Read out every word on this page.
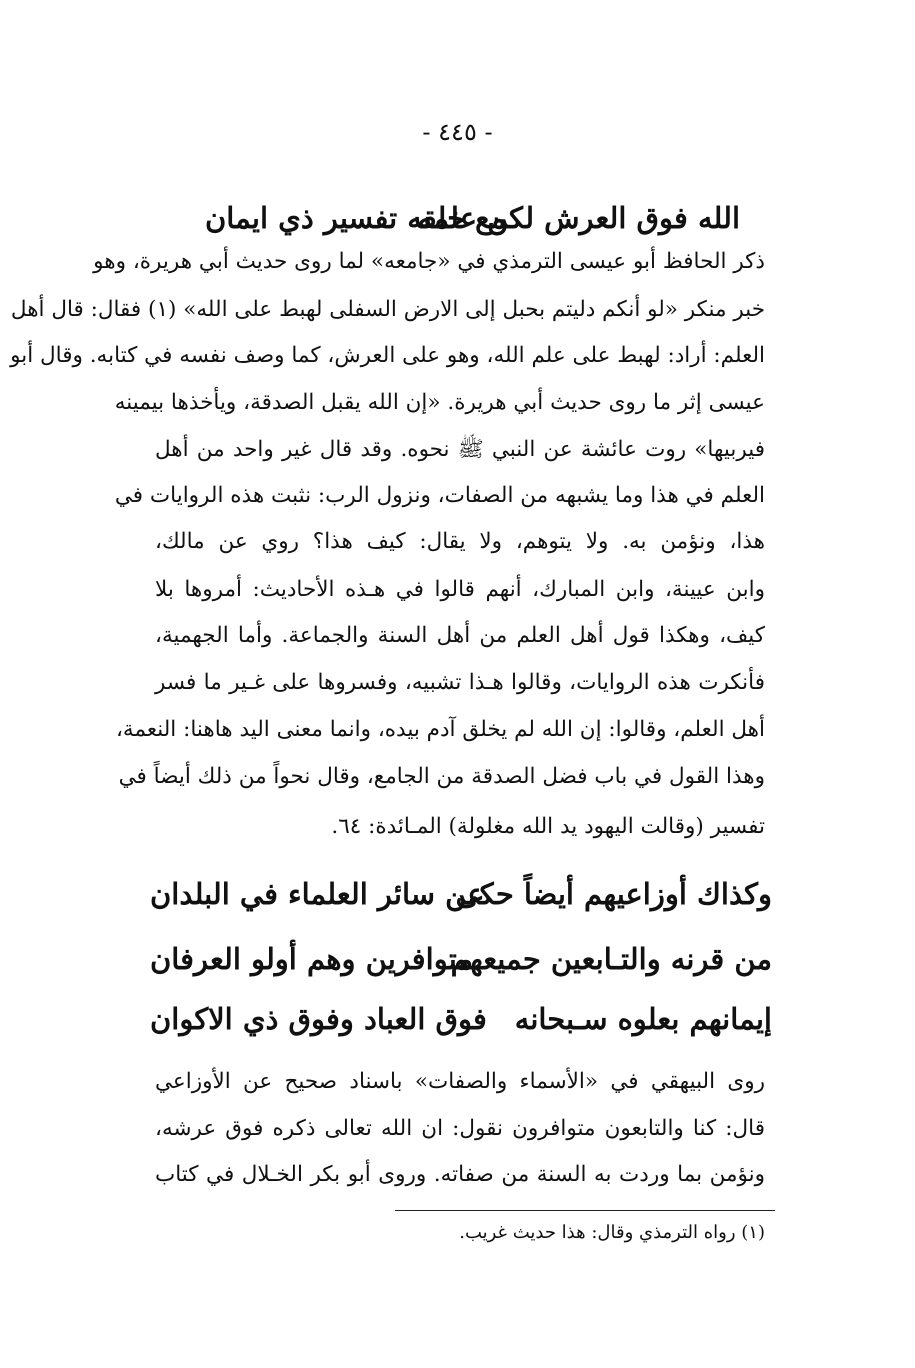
- ٤٤٥ -
الله فوق العرش لكن علمه
مع خلقه تفسير ذي ايمان
ذكر الحافظ أبو عيسى الترمذي في «جامعه» لما روى حديث أبي هريرة، وهو
خبر منكر «لو أنكم دليتم بحبل إلى الارض السفلى لهبط على الله» (١) فقال: قال أهل
العلم: أراد: لهبط على علم الله، وهو على العرش، كما وصف نفسه في كتابه. وقال أبو
عيسى إثر ما روى حديث أبي هريرة. «إن الله يقبل الصدقة، ويأخذها بيمينه
فيربيها» روت عائشة عن النبي ﷺ نحوه. وقد قال غير واحد من أهل
العلم في هذا وما يشبهه من الصفات، ونزول الرب: نثبت هذه الروايات في
هذا، ونؤمن به. ولا يتوهم، ولا يقال: كيف هذا؟ روي عن مالك،
وابن عيينة، وابن المبارك، أنهم قالوا في هـذه الأحاديث: أمروها بلا
كيف، وهكذا قول أهل العلم من أهل السنة والجماعة. وأما الجهمية،
فأنكرت هذه الروايات، وقالوا هـذا تشبيه، وفسروها على غـير ما فسر
أهل العلم، وقالوا: إن الله لم يخلق آدم بيده، وانما معنى اليد هاهنا: النعمة،
وهذا القول في باب فضل الصدقة من الجامع، وقال نحواً من ذلك أيضاً في
تفسير (وقالت اليهود يد الله مغلولة) المـائدة: ٦٤.
وكذاك أوزاعيهم أيضاً حكى
عن سائر العلماء في البلدان
من قرنه والتـابعين جميعهم
متوافرين وهم أولو العرفان
إيمانهم بعلوه سـبحانه
فوق العباد وفوق ذي الاكوان
روى البيهقي في «الأسماء والصفات» باسناد صحيح عن الأوزاعي
قال: كنا والتابعون متوافرون نقول: ان الله تعالى ذكره فوق عرشه،
ونؤمن بما وردت به السنة من صفاته. وروى أبو بكر الخـلال في كتاب
(١) رواه الترمذي وقال: هذا حديث غريب.
